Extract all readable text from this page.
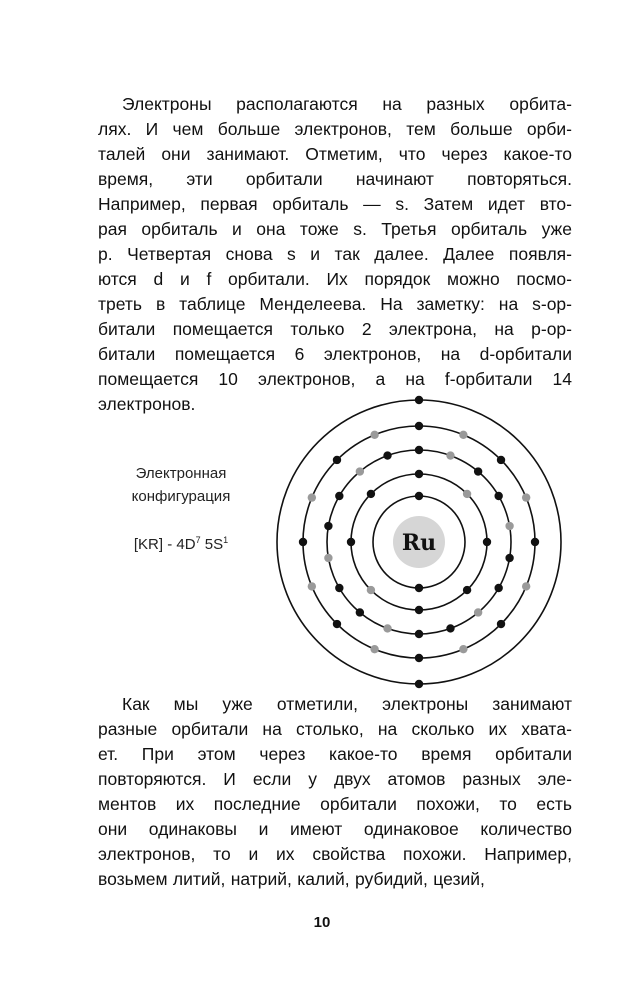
Электроны располагаются на разных орбита-
лях. И чем больше электронов, тем больше орби-
талей они занимают. Отметим, что через какое-то
время, эти орбитали начинают повторяться.
Например, первая орбиталь — s. Затем идет вто-
рая орбиталь и она тоже s. Третья орбиталь уже
p. Четвертая снова s и так далее. Далее появля-
ются d и f орбитали. Их порядок можно посмо-
треть в таблице Менделеева. На заметку: на s-ор-
битали помещается только 2 электрона, на р-ор-
битали помещается 6 электронов, на d-орбитали
помещается 10 электронов, а на f-орбитали 14
электронов.
Электронная
конфигурация
$[KR] - 4D^7$ $5S^1$	Ru
Как мы уже отметили, электроны занимают
разные орбитали на столько, на сколько их хватa-
ет. При этом через какое-то время орбитали
повторяются. И если у двух атомов разных эле-
ментов их последние орбитали похожи, то есть
они одинаковы и имеют одинаковое количество
электронов, то и их свойства похожи. Например,
возьмем литий, натрий, калий, рубидий, цезий,
10
